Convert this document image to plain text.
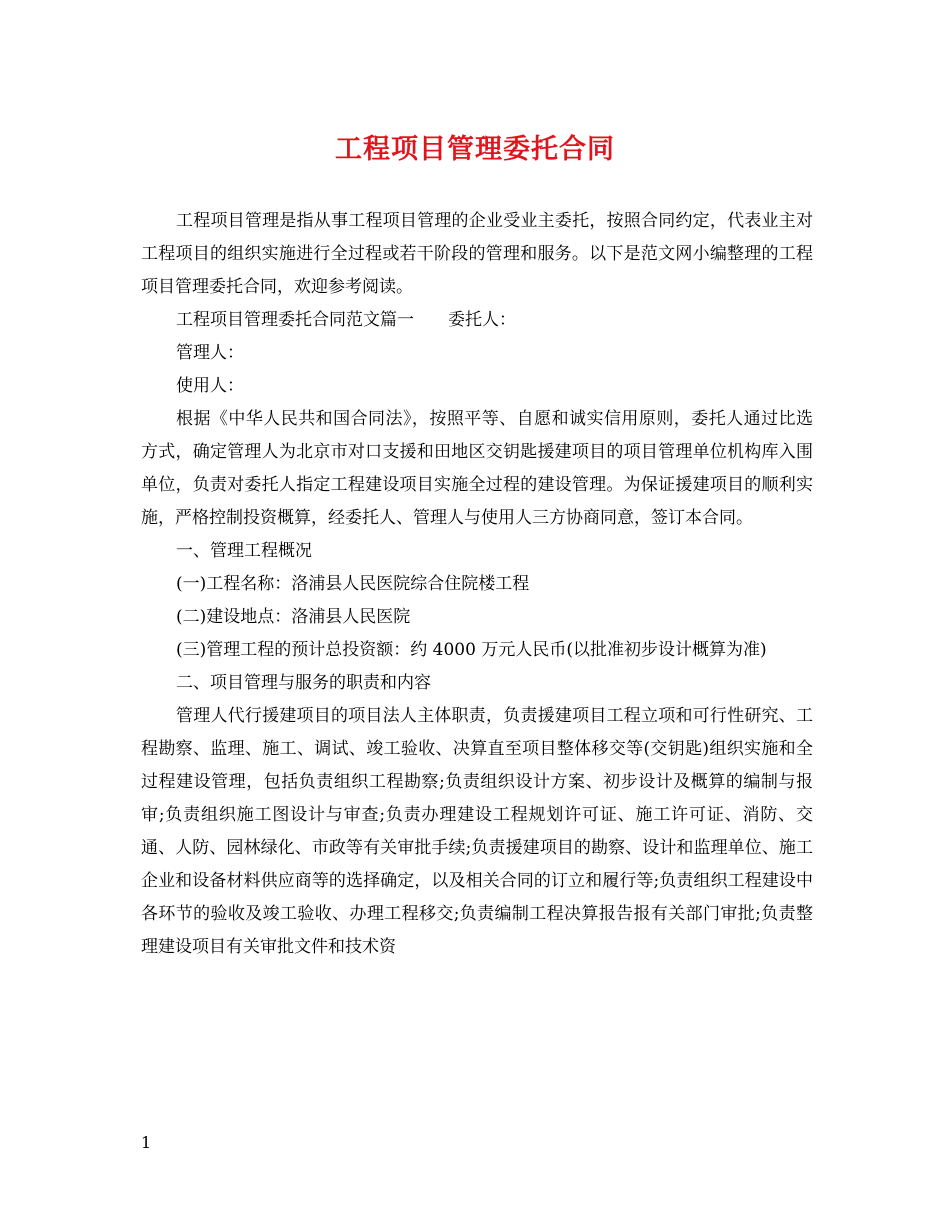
工程项目管理委托合同

工程项目管理是指从事工程项目管理的企业受业主委托，按照合同约定，代表业主对工程项目的组织实施进行全过程或若干阶段的管理和服务。以下是范文网小编整理的工程项目管理委托合同，欢迎参考阅读。

工程项目管理委托合同范文篇一　　委托人：

管理人：

使用人：

根据《中华人民共和国合同法》，按照平等、自愿和诚实信用原则，委托人通过比选方式，确定管理人为北京市对口支援和田地区交钥匙援建项目的项目管理单位机构库入围单位，负责对委托人指定工程建设项目实施全过程的建设管理。为保证援建项目的顺利实施，严格控制投资概算，经委托人、管理人与使用人三方协商同意，签订本合同。

一、管理工程概况

(一)工程名称：洛浦县人民医院综合住院楼工程

(二)建设地点：洛浦县人民医院

(三)管理工程的预计总投资额：约 4000 万元人民币(以批准初步设计概算为准)

二、项目管理与服务的职责和内容

管理人代行援建项目的项目法人主体职责，负责援建项目工程立项和可行性研究、工程勘察、监理、施工、调试、竣工验收、决算直至项目整体移交等(交钥匙)组织实施和全过程建设管理，包括负责组织工程勘察;负责组织设计方案、初步设计及概算的编制与报审;负责组织施工图设计与审查;负责办理建设工程规划许可证、施工许可证、消防、交通、人防、园林绿化、市政等有关审批手续;负责援建项目的勘察、设计和监理单位、施工企业和设备材料供应商等的选择确定，以及相关合同的订立和履行等;负责组织工程建设中各环节的验收及竣工验收、办理工程移交;负责编制工程决算报告报有关部门审批;负责整理建设项目有关审批文件和技术资

1
